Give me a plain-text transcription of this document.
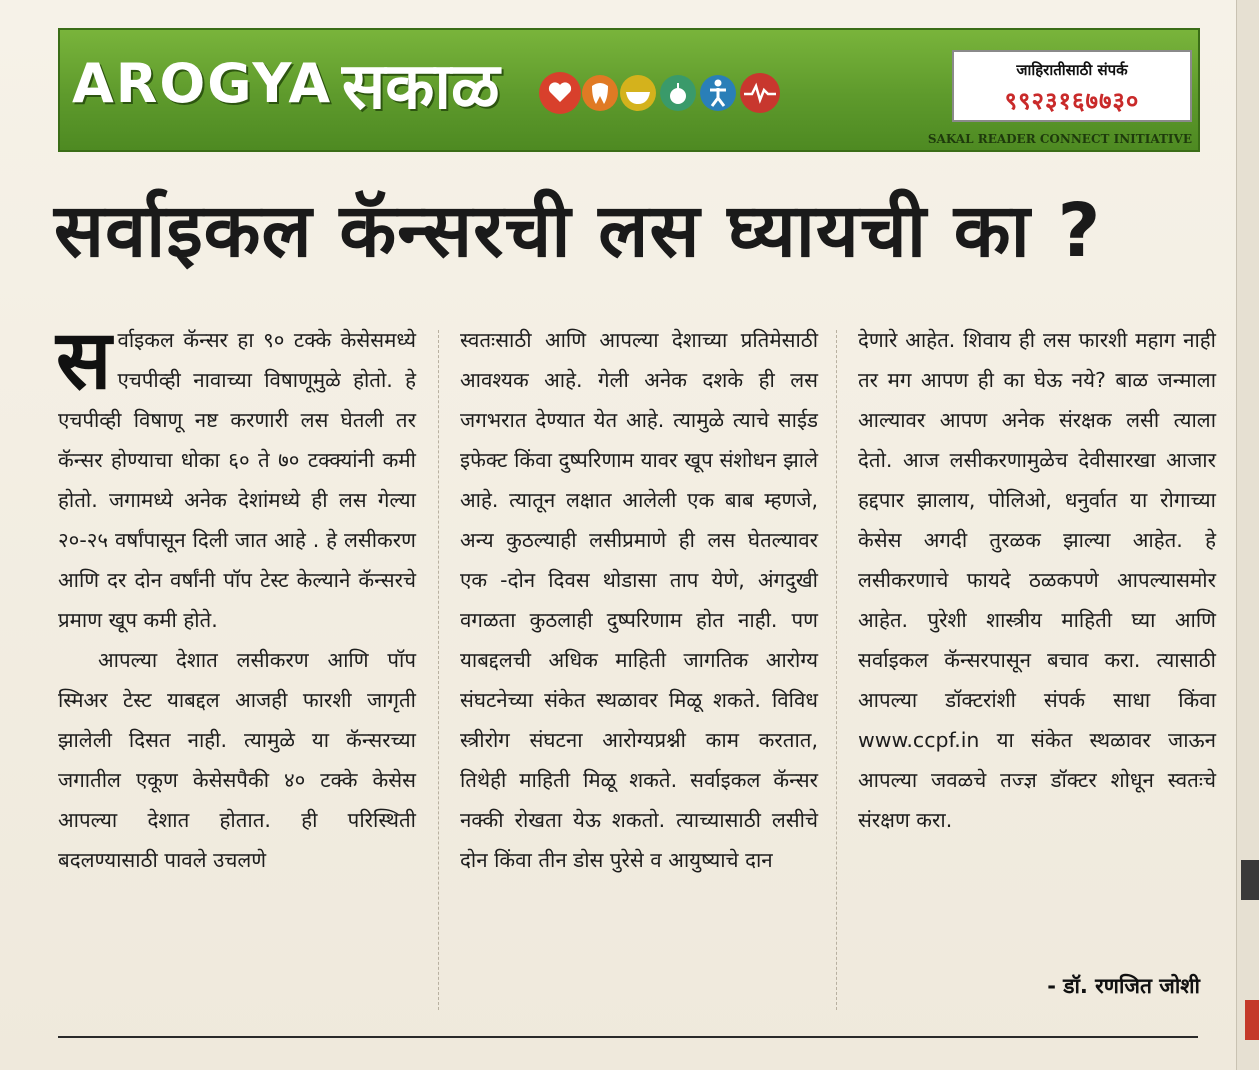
AROGYA सकाळ	जाहिरातीसाठी संपर्क
९९२३१६७७३०
SAKAL READER CONNECT INITIATIVE
सर्वाइकल कॅन्सरची लस घ्यायची का ?

सर्वाइकल कॅन्सर हा ९० टक्के केसेसमध्ये एचपीव्ही नावाच्या विषाणूमुळे होतो. हे एचपीव्ही विषाणू नष्ट करणारी लस घेतली तर कॅन्सर होण्याचा धोका ६० ते ७० टक्क्यांनी कमी होतो. जगामध्ये अनेक देशांमध्ये ही लस गेल्या २०-२५ वर्षांपासून दिली जात आहे . हे लसीकरण आणि दर दोन वर्षांनी पॉप टेस्ट केल्याने कॅन्सरचे प्रमाण खूप कमी होते.

आपल्या देशात लसीकरण आणि पॉप स्मिअर टेस्ट याबद्दल आजही फारशी जागृती झालेली दिसत नाही. त्यामुळे या कॅन्सरच्या जगातील एकूण केसेसपैकी ४० टक्के केसेस आपल्या देशात होतात. ही परिस्थिती बदलण्यासाठी पावले उचलणे

स्वतःसाठी आणि आपल्या देशाच्या प्रतिमेसाठी आवश्यक आहे. गेली अनेक दशके ही लस जगभरात देण्यात येत आहे. त्यामुळे त्याचे साईड इफेक्ट किंवा दुष्परिणाम यावर खूप संशोधन झाले आहे. त्यातून लक्षात आलेली एक बाब म्हणजे, अन्य कुठल्याही लसीप्रमाणे ही लस घेतल्यावर एक -दोन दिवस थोडासा ताप येणे, अंगदुखी वगळता कुठलाही दुष्परिणाम होत नाही. पण याबद्दलची अधिक माहिती जागतिक आरोग्य संघटनेच्या संकेत स्थळावर मिळू शकते. विविध स्त्रीरोग संघटना आरोग्यप्रश्नी काम करतात, तिथेही माहिती मिळू शकते. सर्वाइकल कॅन्सर नक्की रोखता येऊ शकतो. त्याच्यासाठी लसीचे दोन किंवा तीन डोस पुरेसे व आयुष्याचे दान

देणारे आहेत. शिवाय ही लस फारशी महाग नाही तर मग आपण ही का घेऊ नये? बाळ जन्माला आल्यावर आपण अनेक संरक्षक लसी त्याला देतो. आज लसीकरणामुळेच देवीसारखा आजार हद्दपार झालाय, पोलिओ, धनुर्वात या रोगाच्या केसेस अगदी तुरळक झाल्या आहेत. हे लसीकरणाचे फायदे ठळकपणे आपल्यासमोर आहेत. पुरेशी शास्त्रीय माहिती घ्या आणि सर्वाइकल कॅन्सरपासून बचाव करा. त्यासाठी आपल्या डॉक्टरांशी संपर्क साधा किंवा www.ccpf.in या संकेत स्थळावर जाऊन आपल्या जवळचे तज्ज्ञ डॉक्टर शोधून स्वतःचे संरक्षण करा.

- डॉ. रणजित जोशी
